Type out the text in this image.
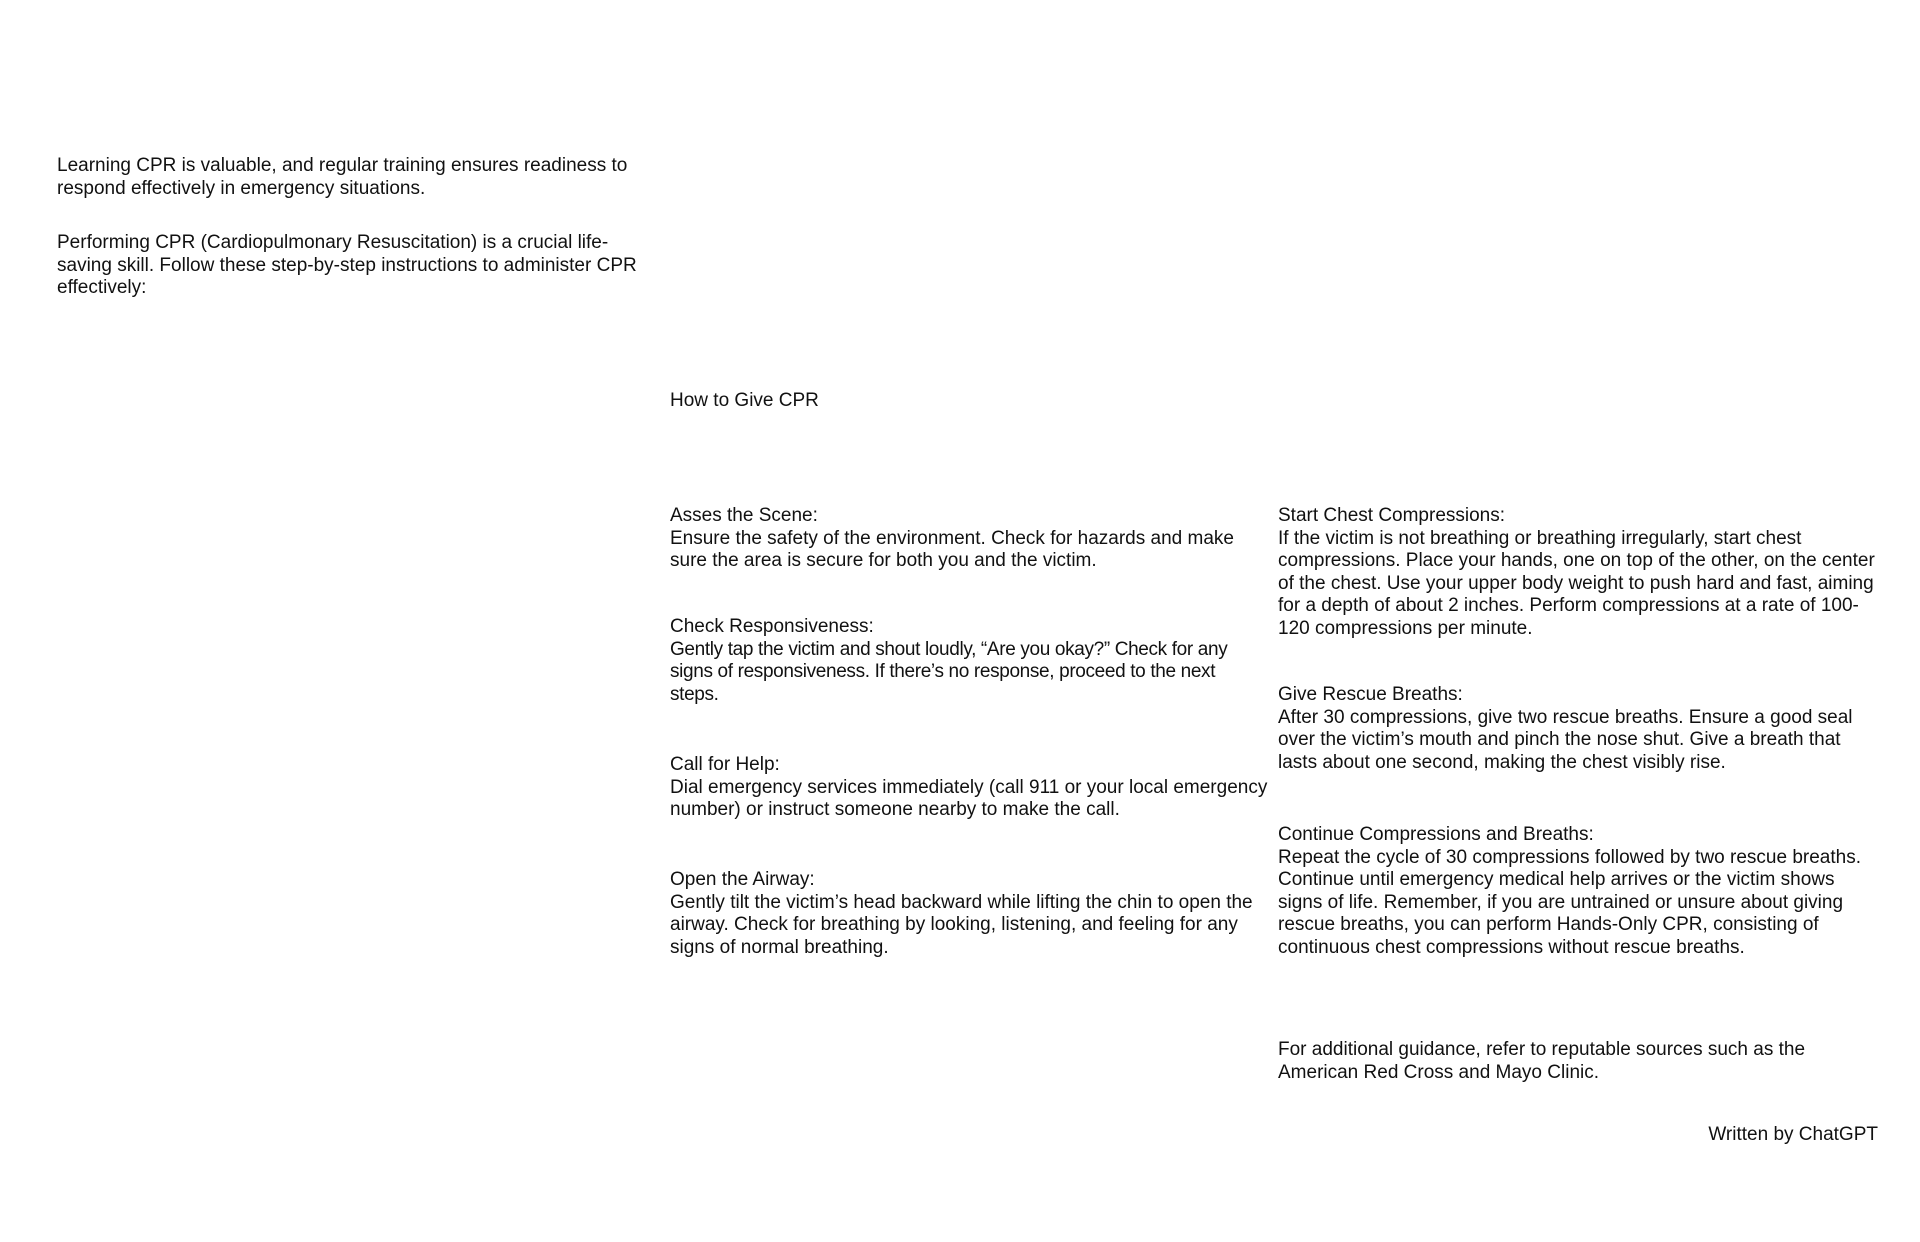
Learning CPR is valuable, and regular training ensures readiness to respond effectively in emergency situations.

Performing CPR (Cardiopulmonary Resuscitation) is a crucial life-saving skill. Follow these step-by-step instructions to administer CPR effectively:

How to Give CPR
Asses the Scene:
Ensure the safety of the environment. Check for hazards and make sure the area is secure for both you and the victim.
Check Responsiveness:
Gently tap the victim and shout loudly, “Are you okay?” Check for any signs of responsiveness. If there’s no response, proceed to the next steps.
Call for Help:
Dial emergency services immediately (call 911 or your local emergency number) or instruct someone nearby to make the call.
Open the Airway:
Gently tilt the victim’s head backward while lifting the chin to open the airway. Check for breathing by looking, listening, and feeling for any signs of normal breathing.
Start Chest Compressions:
If the victim is not breathing or breathing irregularly, start chest compressions. Place your hands, one on top of the other, on the center of the chest. Use your upper body weight to push hard and fast, aiming for a depth of about 2 inches. Perform compressions at a rate of 100-120 compressions per minute.
Give Rescue Breaths:
After 30 compressions, give two rescue breaths. Ensure a good seal over the victim’s mouth and pinch the nose shut. Give a breath that lasts about one second, making the chest visibly rise.
Continue Compressions and Breaths:
Repeat the cycle of 30 compressions followed by two rescue breaths. Continue until emergency medical help arrives or the victim shows signs of life. Remember, if you are untrained or unsure about giving rescue breaths, you can perform Hands-Only CPR, consisting of continuous chest compressions without rescue breaths.

For additional guidance, refer to reputable sources such as the American Red Cross and Mayo Clinic.

Written by ChatGPT
